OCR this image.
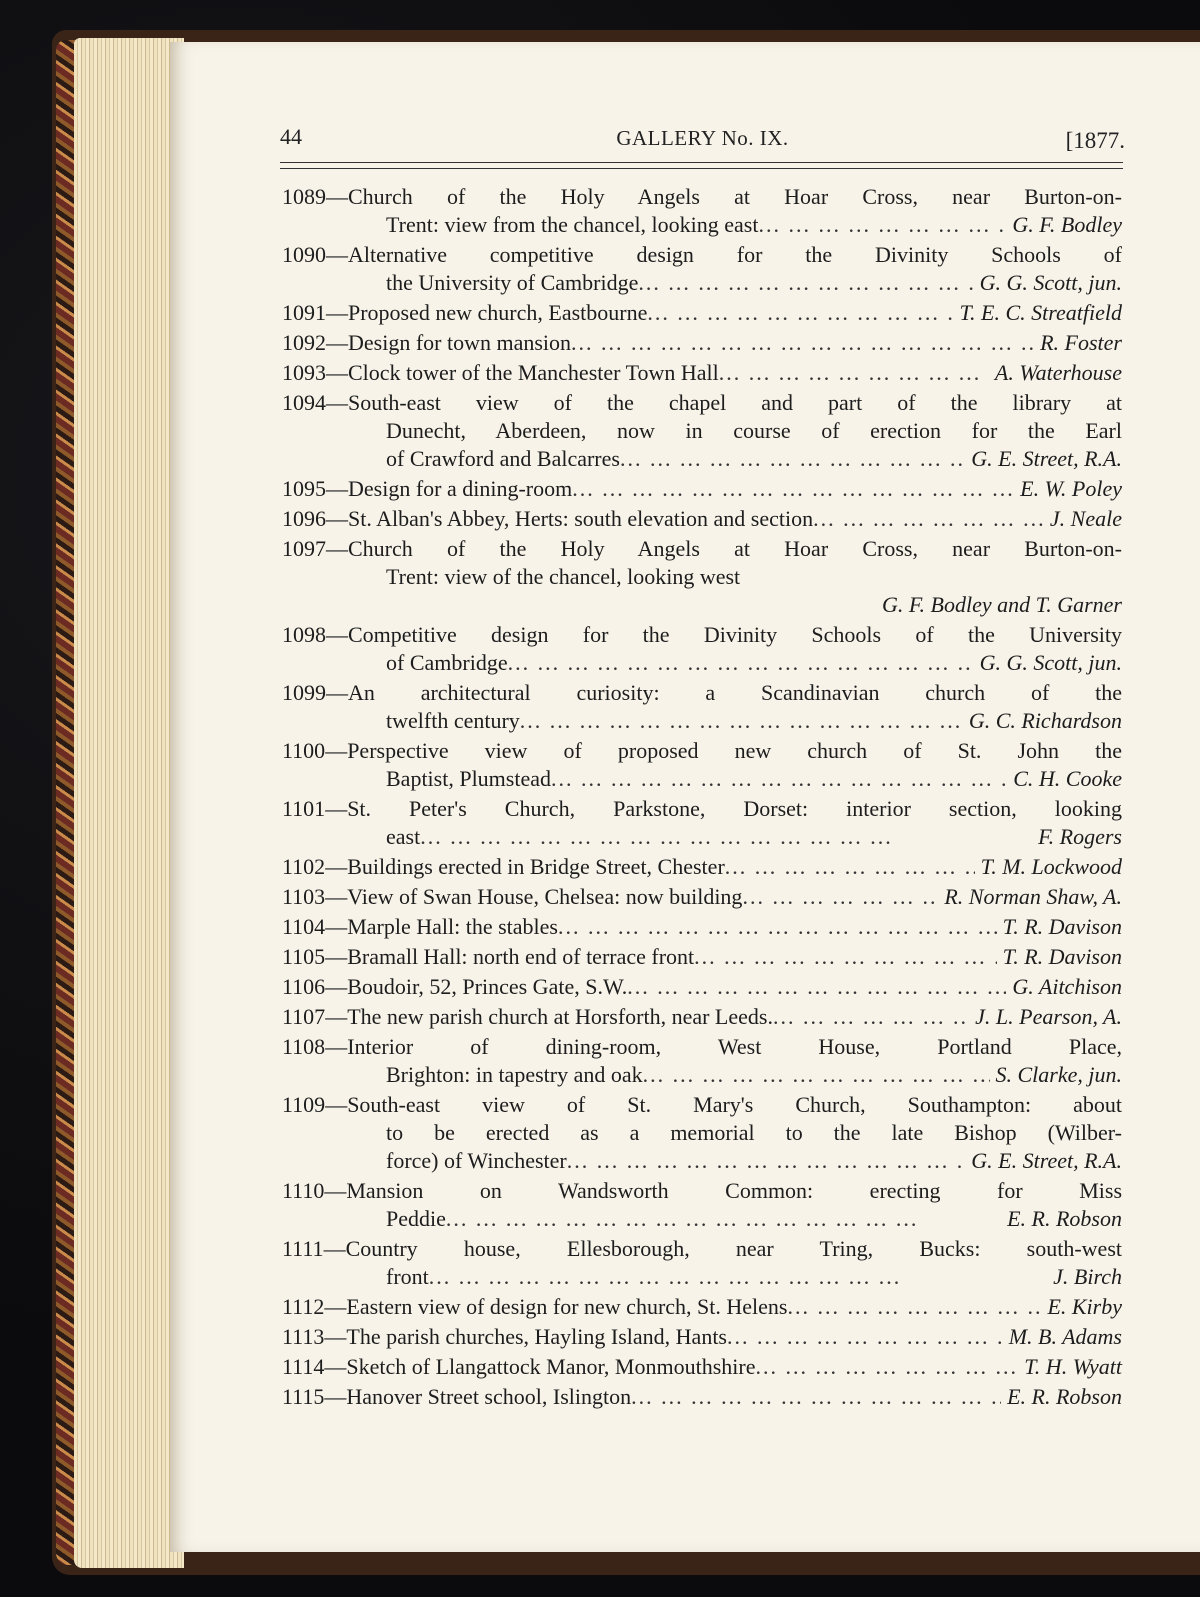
44	GALLERY No. IX.	[1877.
1089 — Church of the Holy Angels at Hoar Cross, near Burton-on-
Trent: view from the chancel, looking east ... .	G. F. Bodley
1090 — Alternative competitive design for the Divinity Schools of
the University of Cambridge ... .	G. G. Scott, jun.
1091 — Proposed new church, Eastbourne ... .	T. E. C. Streatfield
1092 — Design for town mansion ... .	R. Foster
1093 — Clock tower of the Manchester Town Hall ... .	A. Waterhouse
1094 — South-east view of the chapel and part of the library at
Dunecht, Aberdeen, now in course of erection for the Earl
of Crawford and Balcarres ... .	G. E. Street, R.A.
1095 — Design for a dining-room ... .	E. W. Poley
1096 — St. Alban's Abbey, Herts: south elevation and section ... .	J. Neale
1097 — Church of the Holy Angels at Hoar Cross, near Burton-on-
Trent: view of the chancel, looking west
G. F. Bodley and T. Garner
1098 — Competitive design for the Divinity Schools of the University
of Cambridge ... .	G. G. Scott, jun.
1099 — An architectural curiosity: a Scandinavian church of the
twelfth century ... .	G. C. Richardson
1100 — Perspective view of proposed new church of St. John the
Baptist, Plumstead ... .	C. H. Cooke
1101 — St. Peter's Church, Parkstone, Dorset: interior section, looking
east ... .	F. Rogers
1102 — Buildings erected in Bridge Street, Chester ... .	T. M. Lockwood
1103 — View of Swan House, Chelsea: now building ... .	R. Norman Shaw, A.
1104 — Marple Hall: the stables ... .	T. R. Davison
1105 — Bramall Hall: north end of terrace front ... .	T. R. Davison
1106 — Boudoir, 52, Princes Gate, S.W. ... .	G. Aitchison
1107 — The new parish church at Horsforth, near Leeds. ... .	J. L. Pearson, A.
1108 — Interior of dining-room, West House, Portland Place,
Brighton: in tapestry and oak ... .	S. Clarke, jun.
1109 — South-east view of St. Mary's Church, Southampton: about
to be erected as a memorial to the late Bishop (Wilber-
force) of Winchester ... .	G. E. Street, R.A.
1110 — Mansion on Wandsworth Common: erecting for Miss
Peddie ... .	E. R. Robson
1111 — Country house, Ellesborough, near Tring, Bucks: south-west
front ... .	J. Birch
1112 — Eastern view of design for new church, St. Helens ... .	E. Kirby
1113 — The parish churches, Hayling Island, Hants ... .	M. B. Adams
1114 — Sketch of Llangattock Manor, Monmouthshire ... .	T. H. Wyatt
1115 — Hanover Street school, Islington ... .	E. R. Robson
